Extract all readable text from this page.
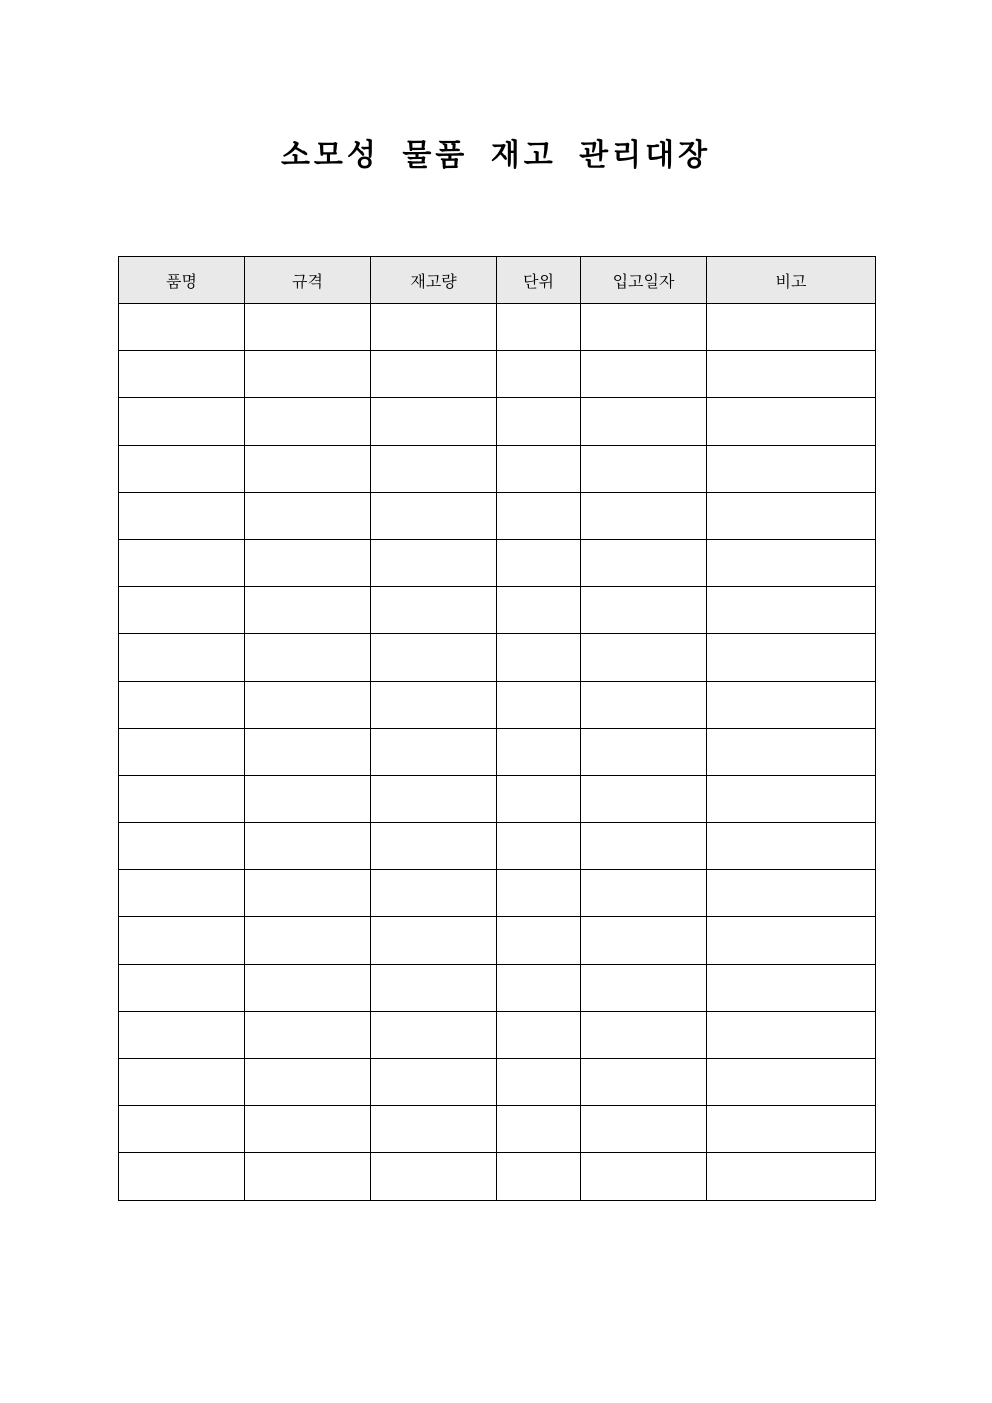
소모성 물품 재고 관리대장
품명	규격	재고량	단위	입고일자	비고
